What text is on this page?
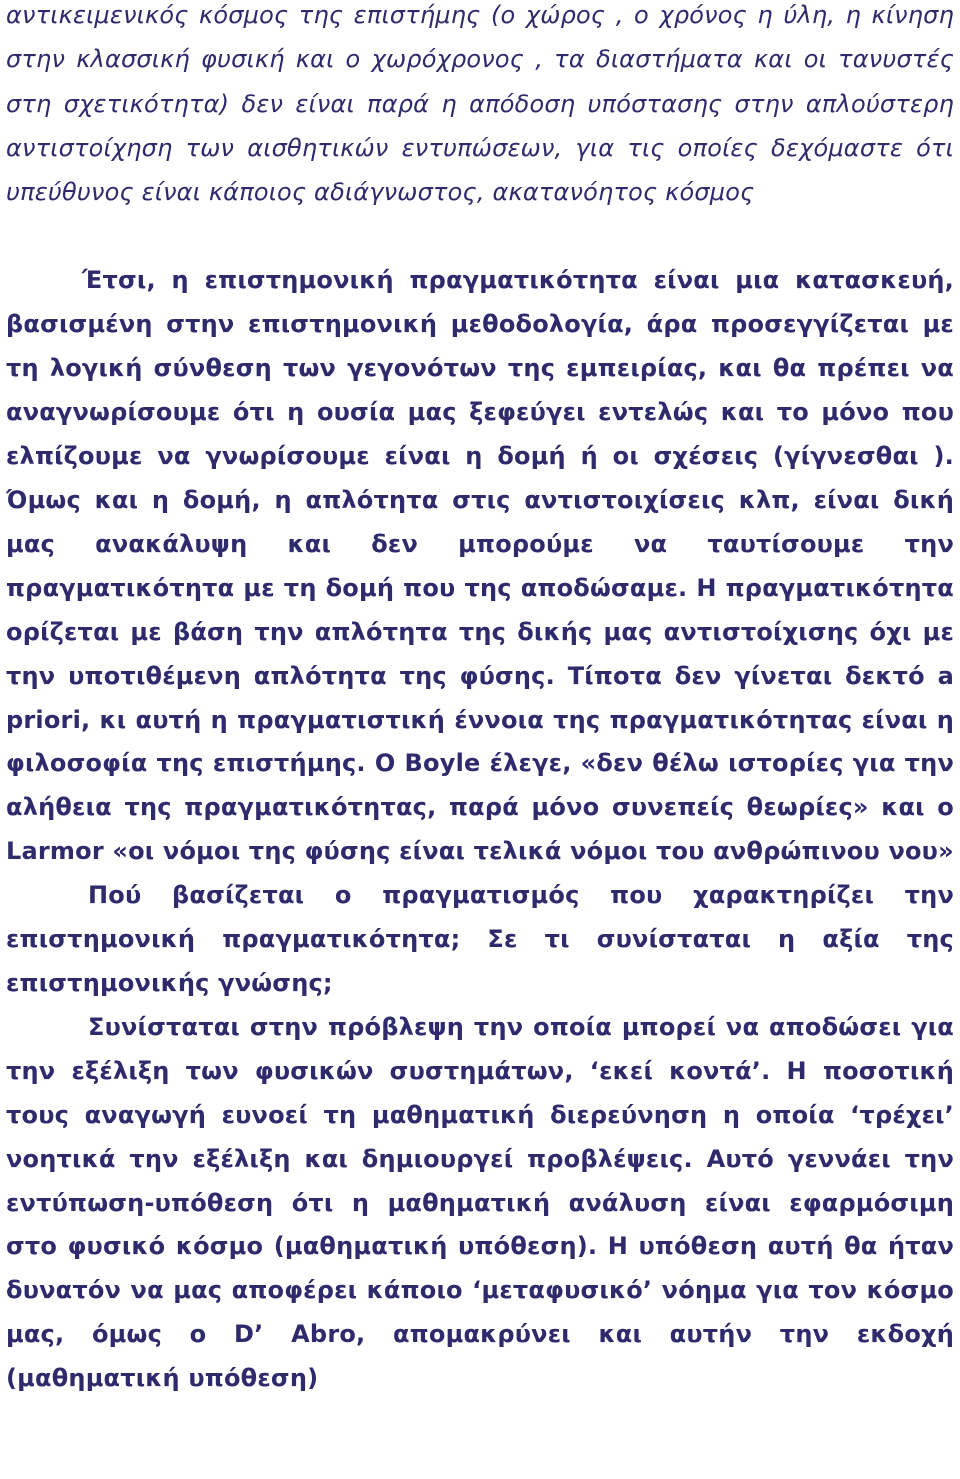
αντικειμενικός κόσμος της επιστήμης (ο χώρος , ο χρόνος η ύλη, η κίνηση στην κλασσική φυσική και ο χωρόχρονος , τα διαστήματα και οι τανυστές στη σχετικότητα) δεν είναι παρά η απόδοση υπόστασης στην απλούστερη αντιστοίχηση των αισθητικών εντυπώσεων, για τις οποίες δεχόμαστε ότι υπεύθυνος είναι κάποιος αδιάγνωστος, ακατανόητος κόσμος

Έτσι, η επιστημονική πραγματικότητα είναι μια κατασκευή, βασισμένη στην επιστημονική μεθοδολογία, άρα προσεγγίζεται με τη λογική σύνθεση των γεγονότων της εμπειρίας, και θα πρέπει να αναγνωρίσουμε ότι η ουσία μας ξεφεύγει εντελώς και το μόνο που ελπίζουμε να γνωρίσουμε είναι η δομή ή οι σχέσεις (γίγνεσθαι ). Όμως και η δομή, η απλότητα στις αντιστοιχίσεις κλπ, είναι δική μας ανακάλυψη και δεν μπορούμε να ταυτίσουμε την πραγματικότητα με τη δομή που της αποδώσαμε. Η πραγματικότητα ορίζεται με βάση την απλότητα της δικής μας αντιστοίχισης όχι με την υποτιθέμενη απλότητα της φύσης. Τίποτα δεν γίνεται δεκτό a priori, κι αυτή η πραγματιστική έννοια της πραγματικότητας είναι η φιλοσοφία της επιστήμης. Ο Boyle έλεγε, «δεν θέλω ιστορίες για την αλήθεια της πραγματικότητας, παρά μόνο συνεπείς θεωρίες» και ο Larmor «οι νόμοι της φύσης είναι τελικά νόμοι του ανθρώπινου νου»

Πού βασίζεται ο πραγματισμός που χαρακτηρίζει την επιστημονική πραγματικότητα; Σε τι συνίσταται η αξία της επιστημονικής γνώσης;

Συνίσταται στην πρόβλεψη την οποία μπορεί να αποδώσει για την εξέλιξη των φυσικών συστημάτων, ‘εκεί κοντά’. Η ποσοτική τους αναγωγή ευνοεί τη μαθηματική διερεύνηση η οποία ‘τρέχει’ νοητικά την εξέλιξη και δημιουργεί προβλέψεις. Αυτό γεννάει την εντύπωση-υπόθεση ότι η μαθηματική ανάλυση είναι εφαρμόσιμη στο φυσικό κόσμο (μαθηματική υπόθεση). Η υπόθεση αυτή θα ήταν δυνατόν να μας αποφέρει κάποιο ‘μεταφυσικό’ νόημα για τον κόσμο μας, όμως ο D’ Abro, απομακρύνει και αυτήν την εκδοχή (μαθηματική υπόθεση)
